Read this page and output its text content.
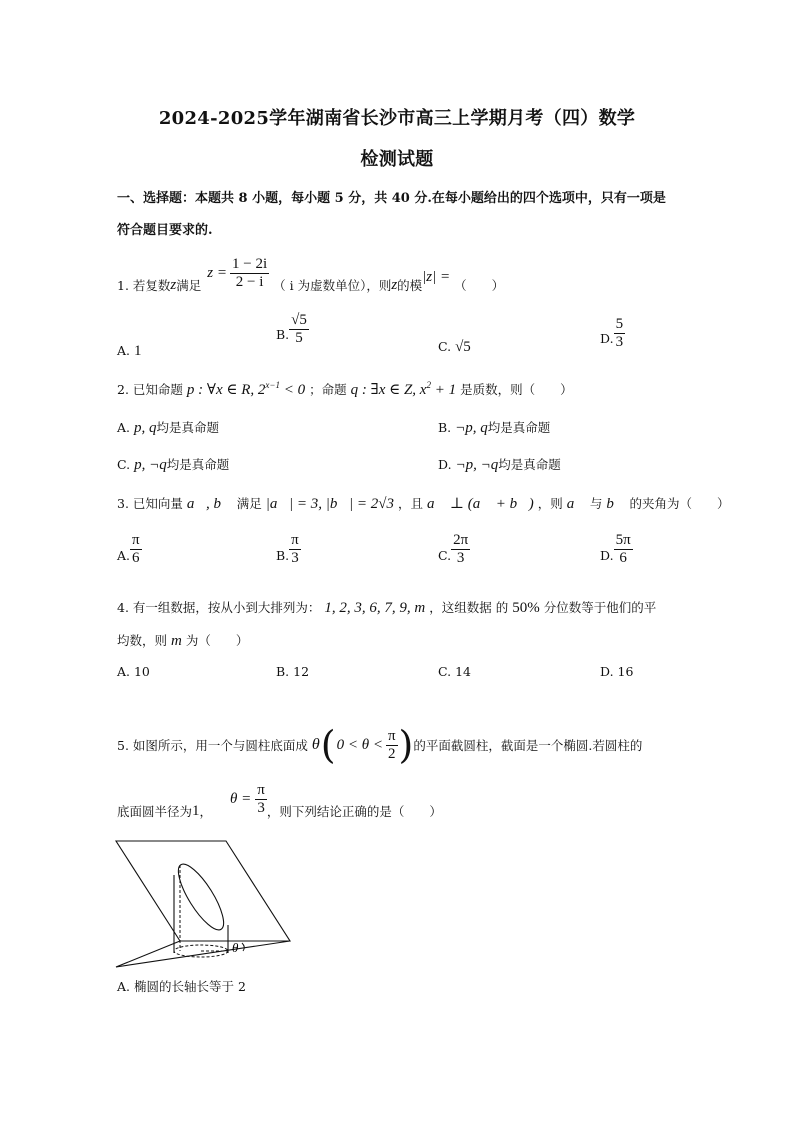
2024-2025学年湖南省长沙市高三上学期月考（四）数学
检测试题
一、选择题：本题共 8 小题，每小题 5 分，共 40 分.在每小题给出的四个选项中，只有一项是
符合题目要求的.
1. 若复数 z 满足
$z = \frac{1 - 2i}{2 - i}$ （ i 为虚数单位），则 z 的模
|z| =
（　　）
A. 1
B. $\frac{√5}{5}$
C. √5
D. $\frac{5}{3}$
2. 已知命题 p : ∀x ∈ R, $2^{x-1} < 0$ ；命题 q : ∃x ∈ Z, $x^2 + 1$ 是质数，则（　　）
A. p, q均是真命题	B. ¬p, q均是真命题
C. p, ¬q均是真命题	D. ¬p, ¬q均是真命题
3. 已知向量 a⃗, b⃗ 满足 |a⃗| = 3, |b⃗| = 2√3 ，且 a⃗ ⊥ (a⃗ + b⃗) ，则 a⃗ 与 b⃗ 的夹角为（　　）
A. $\frac{\pi}{6}$	B. $\frac{\pi}{3}$	C. $\frac{2\pi}{3}$	D. $\frac{5\pi}{6}$
4. 有一组数据，按从小到大排列为： 1, 2, 3, 6, 7, 9, m ，这组数据 的 50% 分位数等于他们的平
均数，则 m 为（　　）
A. 10	B. 12	C. 14	D. 16
5. 如图所示，用一个与圆柱底面成 θ ( $0 < \theta < \frac{\pi}{2}$ ) 的平面截圆柱，截面是一个椭圆.若圆柱的
底面圆半径为 1 ，
$\theta = \frac{\pi}{3}$ ，则下列结论正确的是（　　）
θ
A. 椭圆的长轴长等于 2
